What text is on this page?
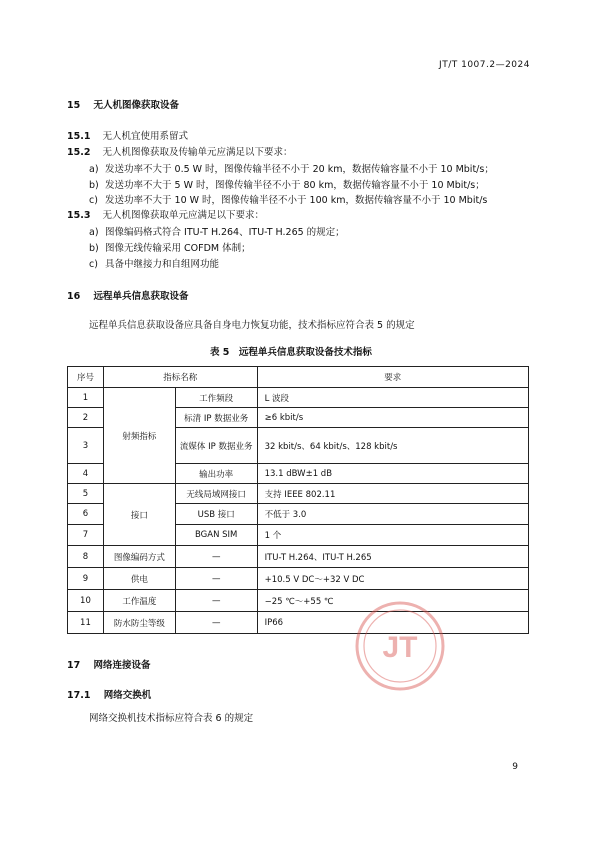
JT/T 1007.2—2024
15 无人机图像获取设备
15.1 无人机宜使用系留式
15.2 无人机图像获取及传输单元应满足以下要求：
a) 发送功率不大于 0.5 W 时，图像传输半径不小于 20 km，数据传输容量不小于 10 Mbit/s；
b) 发送功率不大于 5 W 时，图像传输半径不小于 80 km，数据传输容量不小于 10 Mbit/s；
c) 发送功率不大于 10 W 时，图像传输半径不小于 100 km，数据传输容量不小于 10 Mbit/s
15.3 无人机图像获取单元应满足以下要求：
a) 图像编码格式符合 ITU-T H.264、ITU-T H.265 的规定；
b) 图像无线传输采用 COFDM 体制；
c) 具备中继接力和自组网功能
16 远程单兵信息获取设备
远程单兵信息获取设备应具备自身电力恢复功能，技术指标应符合表 5 的规定
表 5　远程单兵信息获取设备技术指标
序号	指标名称		要求
1	射频指标	工作频段	L 波段
2		标清 IP 数据业务	≥6 kbit/s
3		流媒体 IP 数据业务	32 kbit/s、64 kbit/s、128 kbit/s
4		输出功率	13.1 dBW±1 dB
5	接口	无线局域网接口	支持 IEEE 802.11
6		USB 接口	不低于 3.0
7		BGAN SIM	1 个
8	图像编码方式	—	ITU-T H.264、ITU-T H.265
9	供电	—	+10.5 V DC～+32 V DC
10	工作温度	—	−25 ℃～+55 ℃
11	防水防尘等级	—	IP66
17 网络连接设备
17.1 网络交换机
网络交换机技术指标应符合表 6 的规定
JT
9
